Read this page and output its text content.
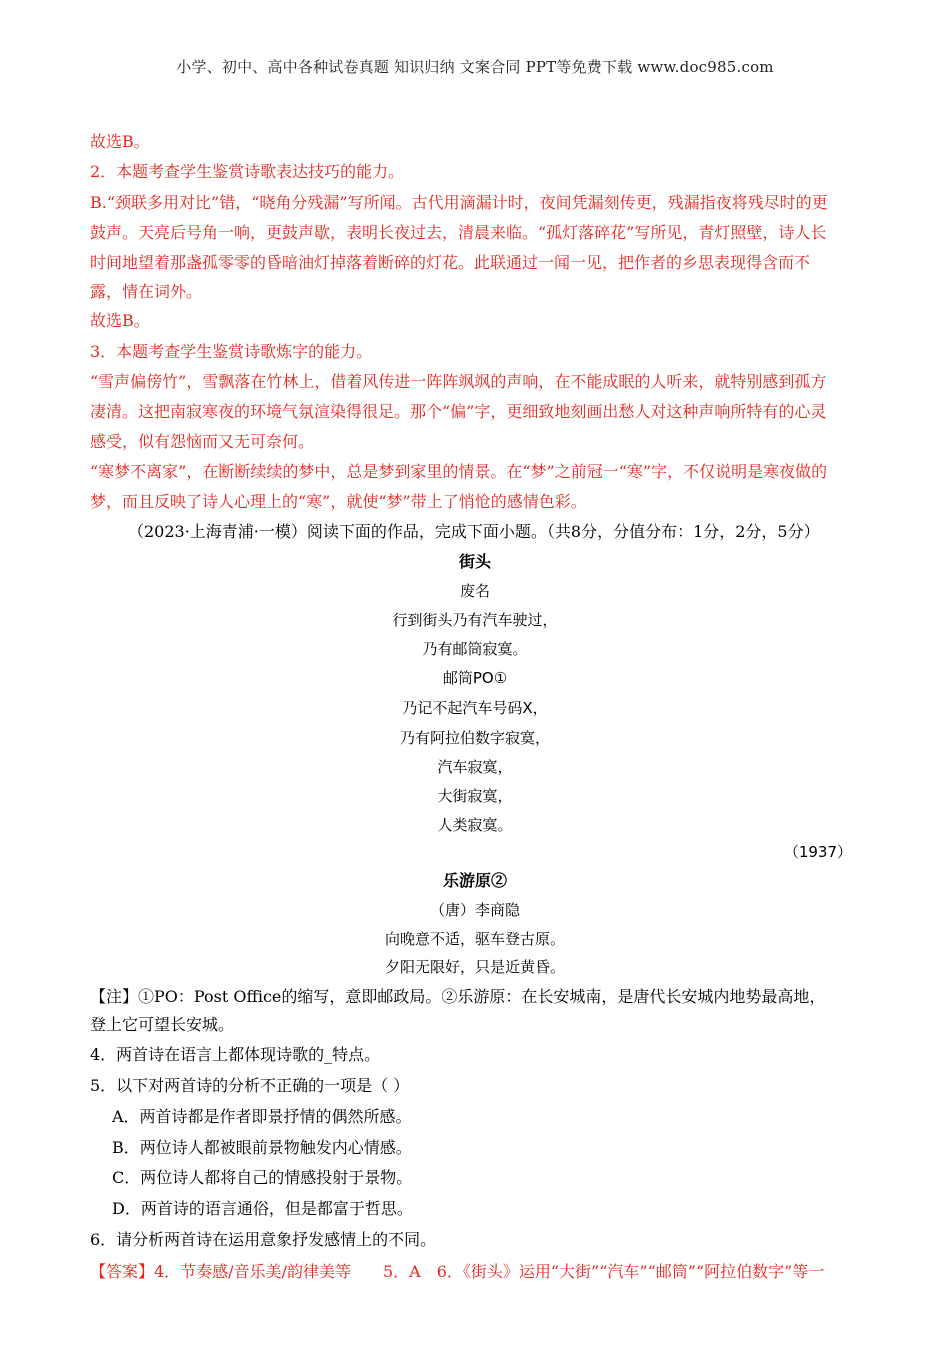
小学、初中、高中各种试卷真题 知识归纳 文案合同 PPT等免费下载 www.doc985.com
故选B。
2．本题考查学生鉴赏诗歌表达技巧的能力。
B.“颈联多用对比”错，“晓角分残漏”写所闻。古代用滴漏计时，夜间凭漏刻传更，残漏指夜将残尽时的更
鼓声。天亮后号角一响，更鼓声歇，表明长夜过去，清晨来临。“孤灯落碎花”写所见，青灯照壁，诗人长
时间地望着那盏孤零零的昏暗油灯掉落着断碎的灯花。此联通过一闻一见，把作者的乡思表现得含而不
露，情在词外。
故选B。
3．本题考查学生鉴赏诗歌炼字的能力。
“雪声偏傍竹”，雪飘落在竹林上，借着风传进一阵阵飒飒的声响，在不能成眠的人听来，就特别感到孤方
凄清。这把南寂寒夜的环境气氛渲染得很足。那个“偏”字，更细致地刻画出愁人对这种声响所特有的心灵
感受，似有怨恼而又无可奈何。
“寒梦不离家”，在断断续续的梦中，总是梦到家里的情景。在“梦”之前冠一“寒”字，不仅说明是寒夜做的
梦，而且反映了诗人心理上的“寒”，就使“梦”带上了悄怆的感情色彩。
（2023·上海青浦·一模）阅读下面的作品，完成下面小题。（共8分，分值分布：1分，2分，5分）
街头
废名
行到街头乃有汽车驶过，
乃有邮筒寂寞。
邮筒PO①
乃记不起汽车号码X，
乃有阿拉伯数字寂寞，
汽车寂寞，
大街寂寞，
人类寂寞。
（1937）
乐游原②
（唐）李商隐
向晚意不适，驱车登古原。
夕阳无限好，只是近黄昏。
【注】①PO：Post Office的缩写，意即邮政局。②乐游原：在长安城南，是唐代长安城内地势最高地，
登上它可望长安城。
4．两首诗在语言上都体现诗歌的_特点。
5．以下对两首诗的分析不正确的一项是（ ）
A．两首诗都是作者即景抒情的偶然所感。
B．两位诗人都被眼前景物触发内心情感。
C．两位诗人都将自己的情感投射于景物。
D．两首诗的语言通俗，但是都富于哲思。
6．请分析两首诗在运用意象抒发感情上的不同。
【答案】4．节奏感/音乐美/韵律美等　　5．A　6．《街头》运用“大街”“汽车”“邮筒”“阿拉伯数字”等一
